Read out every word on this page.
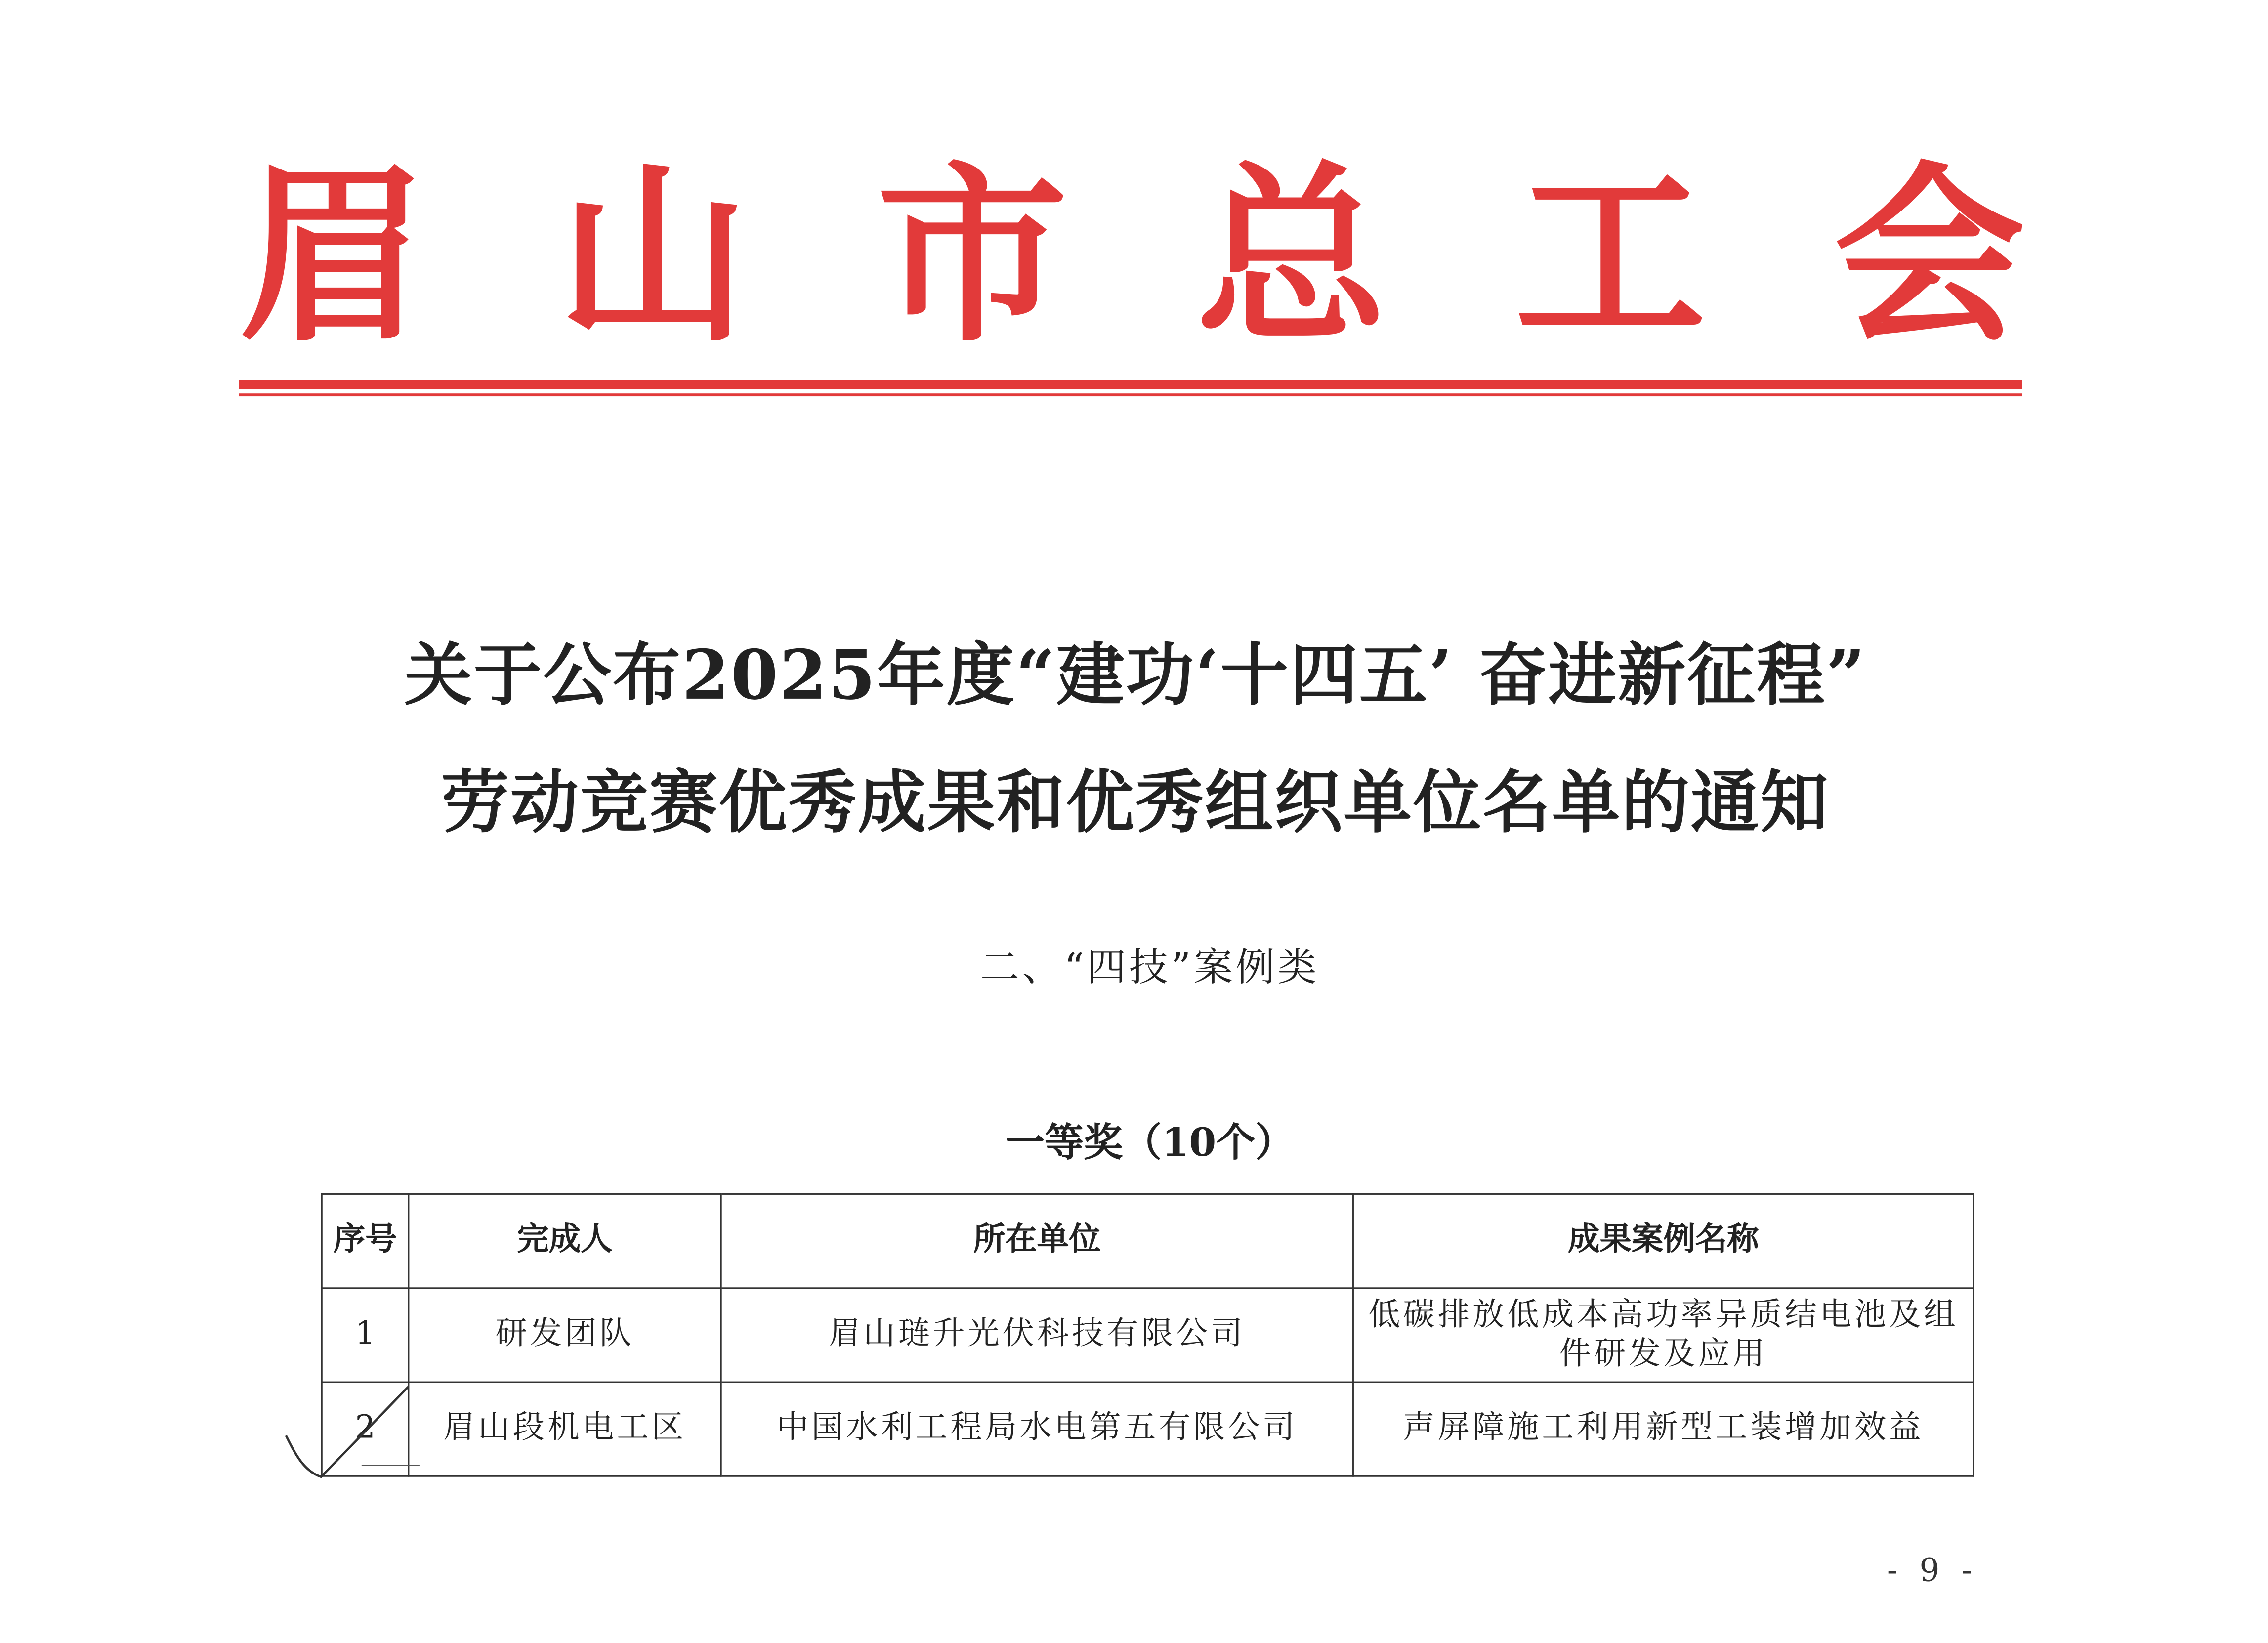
眉 山 市 总 工 会
关于公布2025年度“建功‘十四五’ 奋进新征程”
劳动竞赛优秀成果和优秀组织单位名单的通知
二、“四技”案例类
一等奖（10个）
序号	完成人	所在单位	成果案例名称
1	研发团队	眉山琏升光伏科技有限公司	低碳排放低成本高功率异质结电池及组件研发及应用
2	眉山段机电工区	中国水利工程局水电第五有限公司	声屏障施工利用新型工装增加效益
- 9 -
